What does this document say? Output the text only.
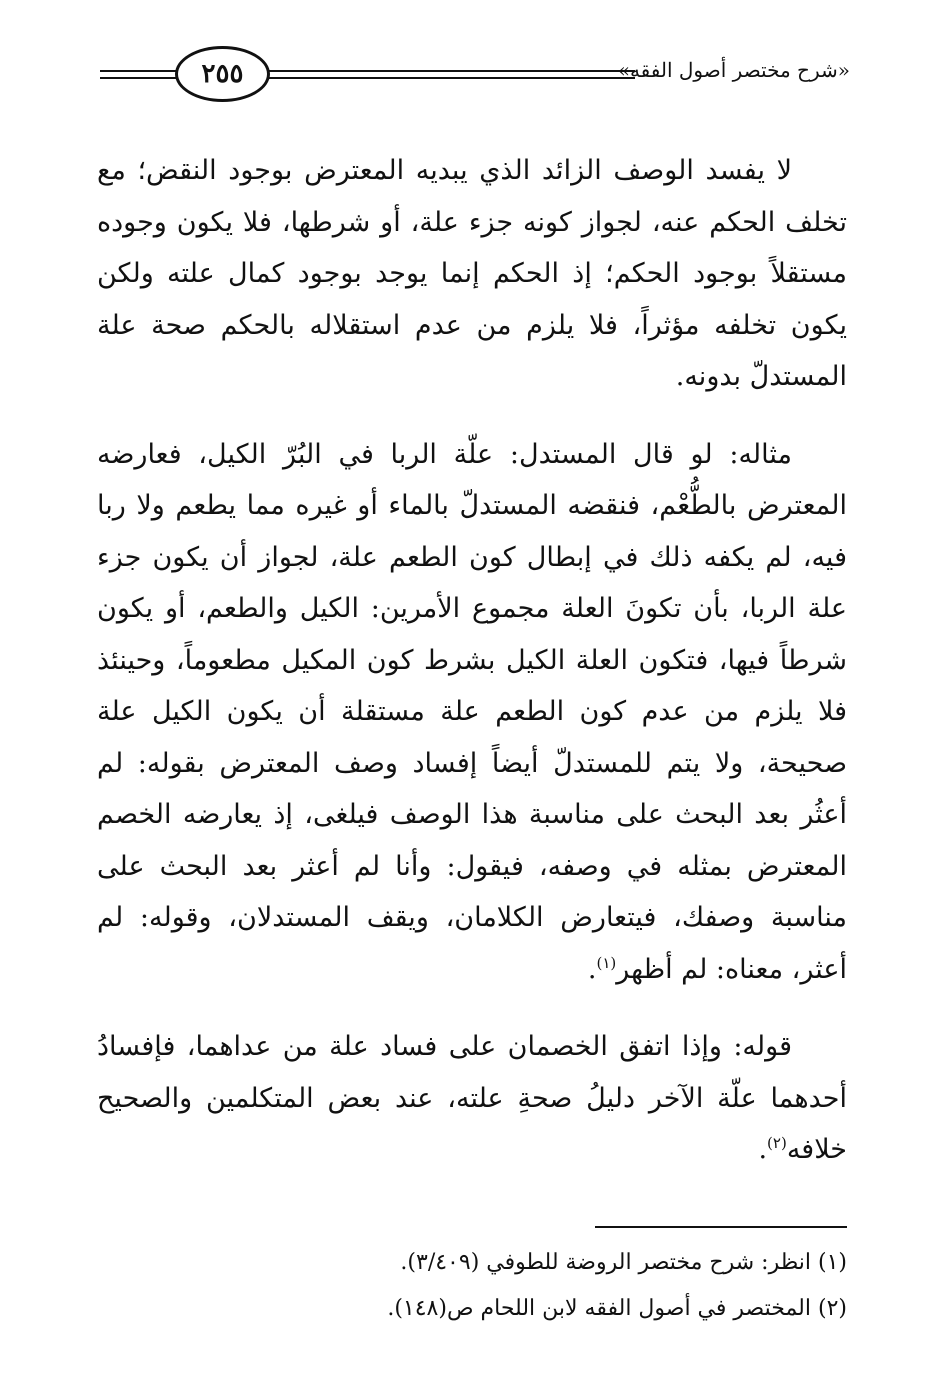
٢٥٥	«شرح مختصر أصول الفقه»

لا يفسد الوصف الزائد الذي يبديه المعترض بوجود النقض؛ مع تخلف الحكم عنه، لجواز كونه جزء علة، أو شرطها، فلا يكون وجوده مستقلاً بوجود الحكم؛ إذ الحكم إنما يوجد بوجود كمال علته ولكن يكون تخلفه مؤثراً، فلا يلزم من عدم استقلاله بالحكم صحة علة المستدلّ بدونه.

مثاله: لو قال المستدل: علّة الربا في البُرّ الكيل، فعارضه المعترض بالطُّعْم، فنقضه المستدلّ بالماء أو غيره مما يطعم ولا ربا فيه، لم يكفه ذلك في إبطال كون الطعم علة، لجواز أن يكون جزء علة الربا، بأن تكونَ العلة مجموع الأمرين: الكيل والطعم، أو يكون شرطاً فيها، فتكون العلة الكيل بشرط كون المكيل مطعوماً، وحينئذ فلا يلزم من عدم كون الطعم علة مستقلة أن يكون الكيل علة صحيحة، ولا يتم للمستدلّ أيضاً إفساد وصف المعترض بقوله: لم أعثُر بعد البحث على مناسبة هذا الوصف فيلغى، إذ يعارضه الخصم المعترض بمثله في وصفه، فيقول: وأنا لم أعثر بعد البحث على مناسبة وصفك، فيتعارض الكلامان، ويقف المستدلان، وقوله: لم أعثر، معناه: لم أظهر$^{(١)}$.

قوله: وإذا اتفق الخصمان على فساد علة من عداهما، فإفسادُ أحدهما علّة الآخر دليلُ صحةِ علته، عند بعض المتكلمين والصحيح خلافه$^{(٢)}$.

(١) انظر: شرح مختصر الروضة للطوفي (٣/٤٠٩).

(٢) المختصر في أصول الفقه لابن اللحام ص(١٤٨).
